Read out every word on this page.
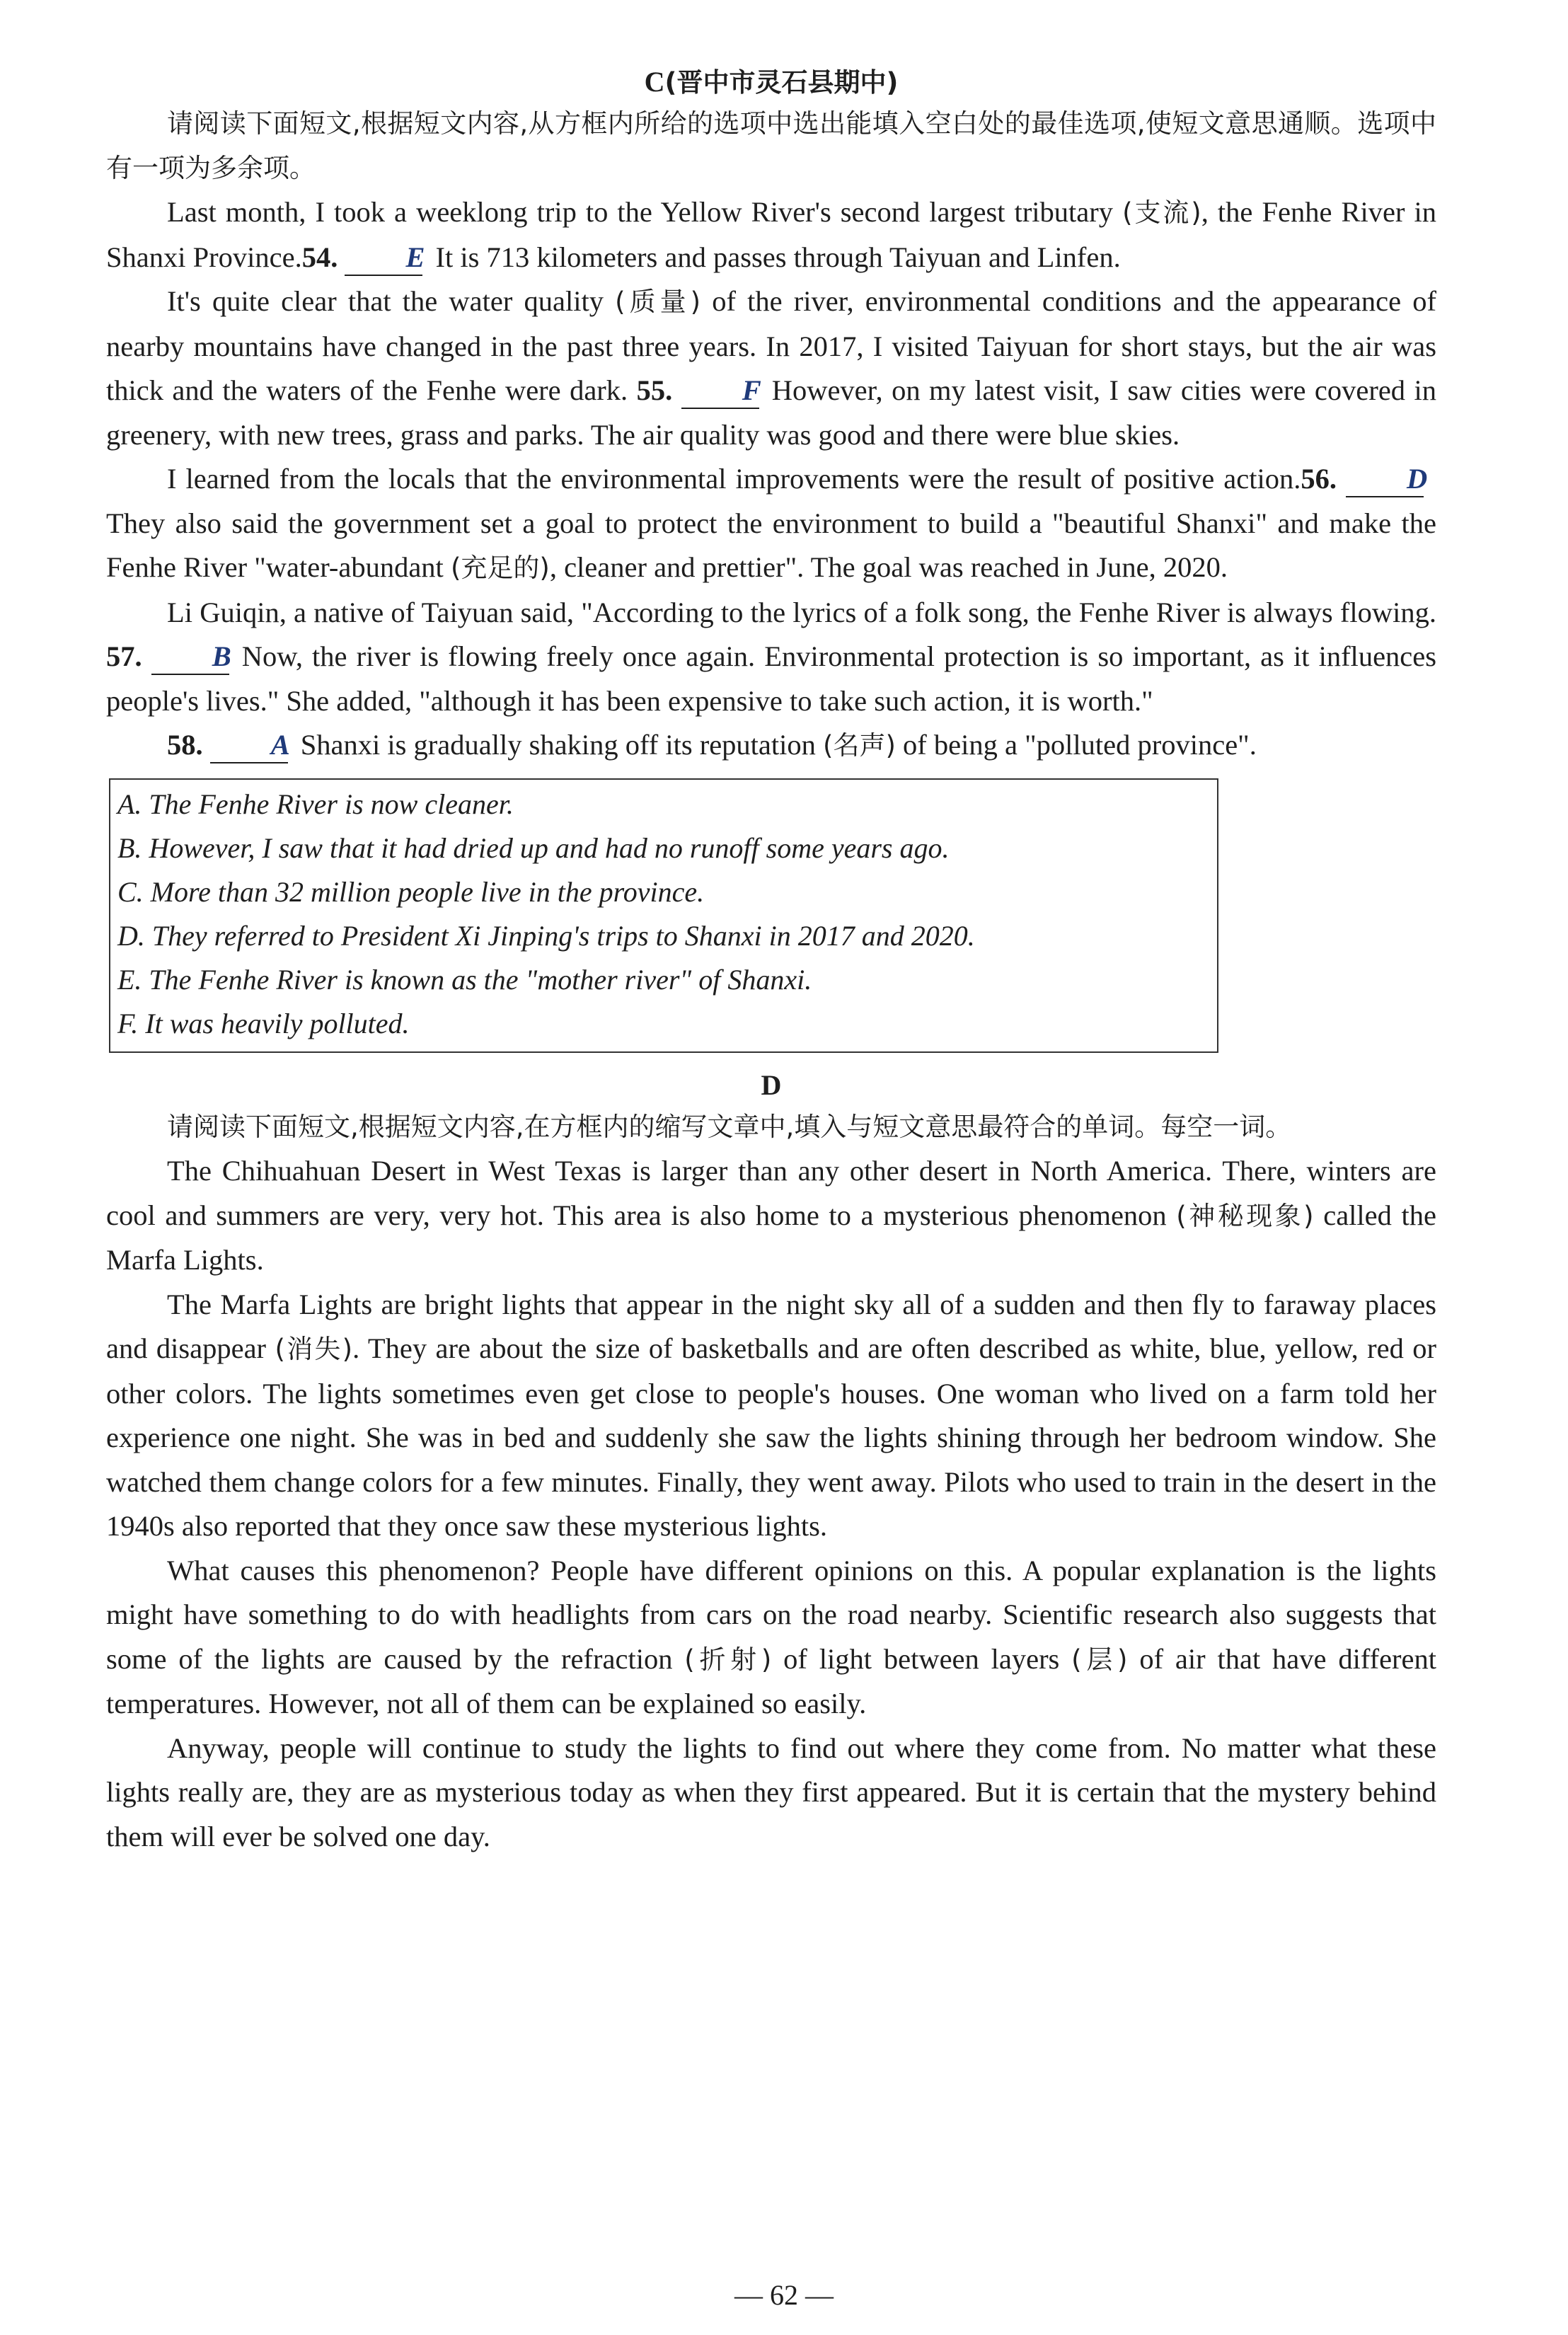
C(晋中市灵石县期中)

请阅读下面短文,根据短文内容,从方框内所给的选项中选出能填入空白处的最佳选项,使短文意思通顺。选项中有一项为多余项。

Last month, I took a weeklong trip to the Yellow River's second largest tributary (支流), the Fenhe River in Shanxi Province.54. E It is 713 kilometers and passes through Taiyuan and Linfen.

It's quite clear that the water quality (质量) of the river, environmental conditions and the appearance of nearby mountains have changed in the past three years. In 2017, I visited Taiyuan for short stays, but the air was thick and the waters of the Fenhe were dark. 55. F However, on my latest visit, I saw cities were covered in greenery, with new trees, grass and parks. The air quality was good and there were blue skies.

I learned from the locals that the environmental improvements were the result of positive action.56. DThey also said the government set a goal to protect the environment to build a "beautiful Shanxi" and make the Fenhe River "water-abundant (充足的), cleaner and prettier". The goal was reached in June, 2020.

Li Guiqin, a native of Taiyuan said, "According to the lyrics of a folk song, the Fenhe River is always flowing. 57. B Now, the river is flowing freely once again. Environmental protection is so important, as it influences people's lives." She added, "although it has been expensive to take such action, it is worth."

58. A Shanxi is gradually shaking off its reputation (名声) of being a "polluted province".

A. The Fenhe River is now cleaner.
B. However, I saw that it had dried up and had no runoff some years ago.
C. More than 32 million people live in the province.
D. They referred to President Xi Jinping's trips to Shanxi in 2017 and 2020.
E. The Fenhe River is known as the "mother river" of Shanxi.
F. It was heavily polluted.
D

请阅读下面短文,根据短文内容,在方框内的缩写文章中,填入与短文意思最符合的单词。每空一词。

The Chihuahuan Desert in West Texas is larger than any other desert in North America. There, winters are cool and summers are very, very hot. This area is also home to a mysterious phenomenon (神秘现象) called the Marfa Lights.

The Marfa Lights are bright lights that appear in the night sky all of a sudden and then fly to faraway places and disappear (消失). They are about the size of basketballs and are often described as white, blue, yellow, red or other colors. The lights sometimes even get close to people's houses. One woman who lived on a farm told her experience one night. She was in bed and suddenly she saw the lights shining through her bedroom window. She watched them change colors for a few minutes. Finally, they went away. Pilots who used to train in the desert in the 1940s also reported that they once saw these mysterious lights.

What causes this phenomenon? People have different opinions on this. A popular explanation is the lights might have something to do with headlights from cars on the road nearby. Scientific research also suggests that some of the lights are caused by the refraction (折射) of light between layers (层) of air that have different temperatures. However, not all of them can be explained so easily.

Anyway, people will continue to study the lights to find out where they come from. No matter what these lights really are, they are as mysterious today as when they first appeared. But it is certain that the mystery behind them will ever be solved one day.

— 62 —
